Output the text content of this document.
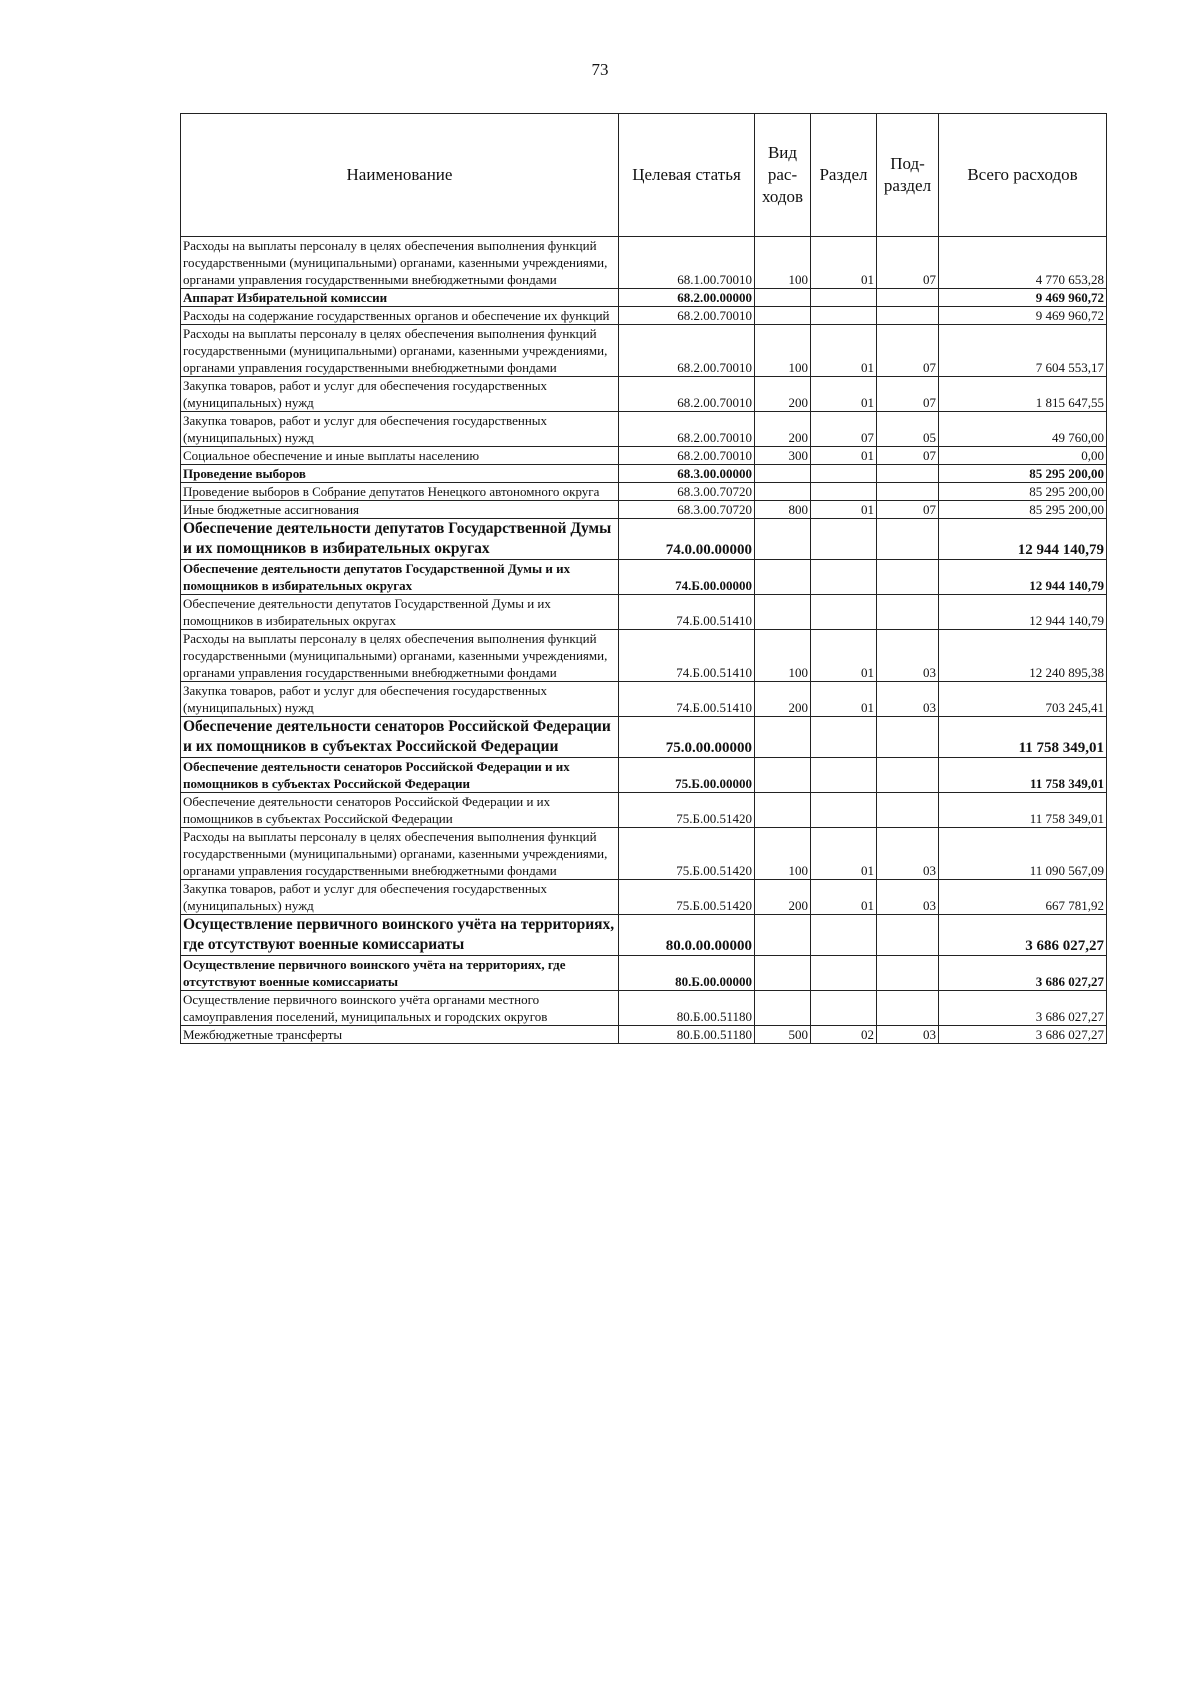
73
Наименование	Целевая статья	Вид рас- ходов	Раздел	Под- раздел	Всего расходов
Расходы на выплаты персоналу в целях обеспечения выполнения функций государственными (муниципальными) органами, казенными учреждениями, органами управления государственными внебюджетными фондами	68.1.00.70010	100	01	07	4 770 653,28
Аппарат Избирательной комиссии	68.2.00.00000				9 469 960,72
Расходы на содержание государственных органов и обеспечение их функций	68.2.00.70010				9 469 960,72
Расходы на выплаты персоналу в целях обеспечения выполнения функций государственными (муниципальными) органами, казенными учреждениями, органами управления государственными внебюджетными фондами	68.2.00.70010	100	01	07	7 604 553,17
Закупка товаров, работ и услуг для обеспечения государственных (муниципальных) нужд	68.2.00.70010	200	01	07	1 815 647,55
Закупка товаров, работ и услуг для обеспечения государственных (муниципальных) нужд	68.2.00.70010	200	07	05	49 760,00
Социальное обеспечение и иные выплаты населению	68.2.00.70010	300	01	07	0,00
Проведение выборов	68.3.00.00000				85 295 200,00
Проведение выборов в Собрание депутатов Ненецкого автономного округа	68.3.00.70720				85 295 200,00
Иные бюджетные ассигнования	68.3.00.70720	800	01	07	85 295 200,00
Обеспечение деятельности депутатов Государственной Думы и их помощников в избирательных округах	74.0.00.00000				12 944 140,79
Обеспечение деятельности депутатов Государственной Думы и их помощников в избирательных округах	74.Б.00.00000				12 944 140,79
Обеспечение деятельности депутатов Государственной Думы и их помощников в избирательных округах	74.Б.00.51410				12 944 140,79
Расходы на выплаты персоналу в целях обеспечения выполнения функций государственными (муниципальными) органами, казенными учреждениями, органами управления государственными внебюджетными фондами	74.Б.00.51410	100	01	03	12 240 895,38
Закупка товаров, работ и услуг для обеспечения государственных (муниципальных) нужд	74.Б.00.51410	200	01	03	703 245,41
Обеспечение деятельности сенаторов Российской Федерации и их помощников в субъектах Российской Федерации	75.0.00.00000				11 758 349,01
Обеспечение деятельности сенаторов Российской Федерации и их помощников в субъектах Российской Федерации	75.Б.00.00000				11 758 349,01
Обеспечение деятельности сенаторов Российской Федерации и их помощников в субъектах Российской Федерации	75.Б.00.51420				11 758 349,01
Расходы на выплаты персоналу в целях обеспечения выполнения функций государственными (муниципальными) органами, казенными учреждениями, органами управления государственными внебюджетными фондами	75.Б.00.51420	100	01	03	11 090 567,09
Закупка товаров, работ и услуг для обеспечения государственных (муниципальных) нужд	75.Б.00.51420	200	01	03	667 781,92
Осуществление первичного воинского учёта на территориях, где отсутствуют военные комиссариаты	80.0.00.00000				3 686 027,27
Осуществление первичного воинского учёта на территориях, где отсутствуют военные комиссариаты	80.Б.00.00000				3 686 027,27
Осуществление первичного воинского учёта органами местного самоуправления поселений, муниципальных и городских округов	80.Б.00.51180				3 686 027,27
Межбюджетные трансферты	80.Б.00.51180	500	02	03	3 686 027,27
